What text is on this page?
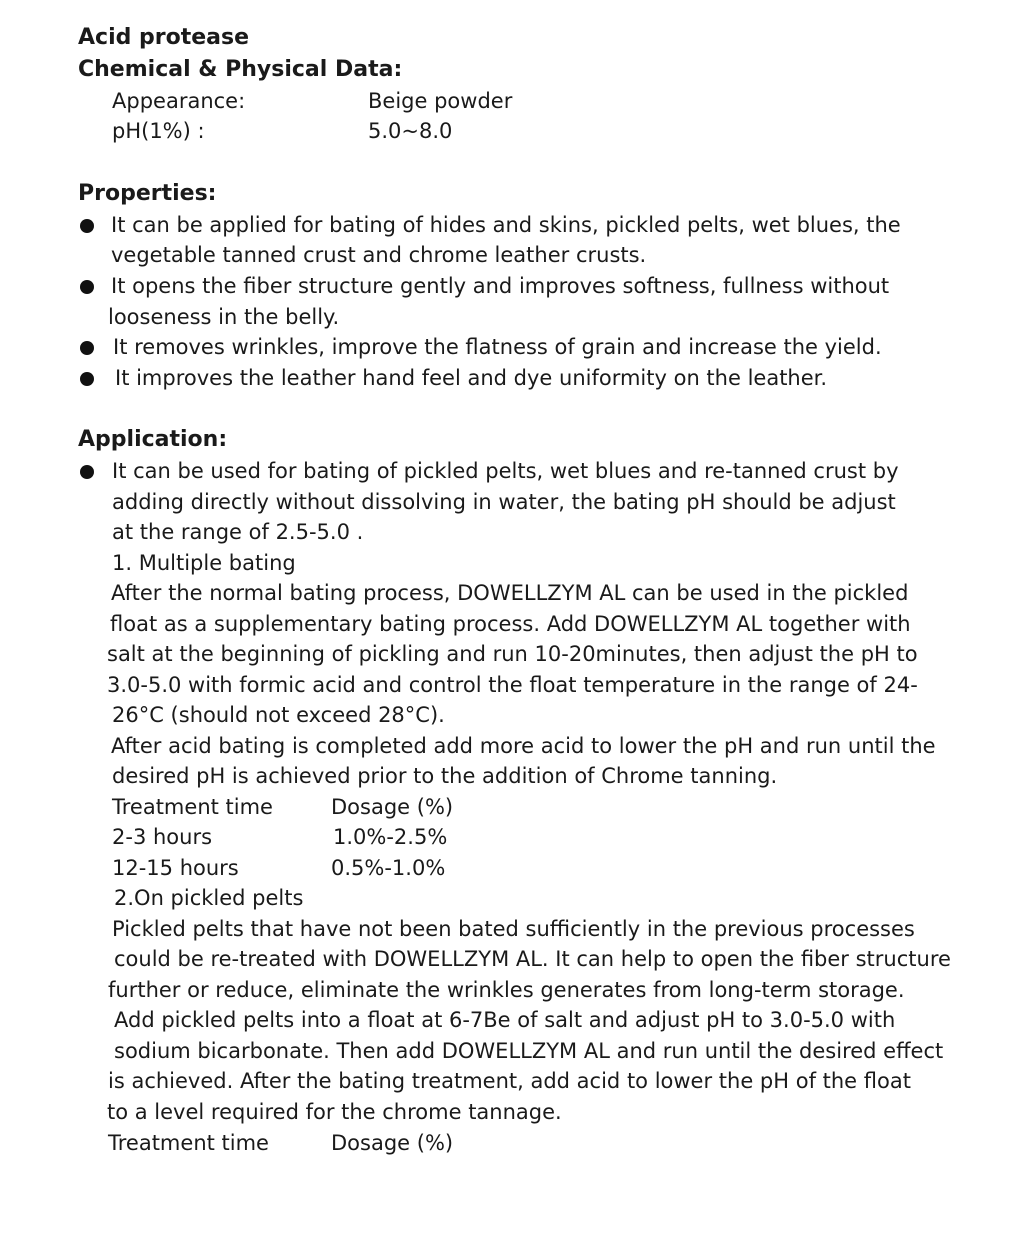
Acid protease
Chemical & Physical Data:
Appearance:	Beige powder
pH(1%) :	5.0~8.0
Properties:
It can be applied for bating of hides and skins, pickled pelts, wet blues, the
vegetable tanned crust and chrome leather crusts.
It opens the fiber structure gently and improves softness, fullness without
looseness in the belly.
It removes wrinkles, improve the flatness of grain and increase the yield.
It improves the leather hand feel and dye uniformity on the leather.
Application:
It can be used for bating of pickled pelts, wet blues and re-tanned crust by
adding directly without dissolving in water, the bating pH should be adjust
at the range of 2.5-5.0 .
1. Multiple bating
After the normal bating process, DOWELLZYM AL can be used in the pickled
float as a supplementary bating process. Add DOWELLZYM AL together with
salt at the beginning of pickling and run 10-20minutes, then adjust the pH to
3.0-5.0 with formic acid and control the float temperature in the range of 24-
26°C (should not exceed 28°C).
After acid bating is completed add more acid to lower the pH and run until the
desired pH is achieved prior to the addition of Chrome tanning.
Treatment time	Dosage (%)
2-3 hours	1.0%-2.5%
12-15 hours	0.5%-1.0%
2.On pickled pelts
Pickled pelts that have not been bated sufficiently in the previous processes
could be re-treated with DOWELLZYM AL. It can help to open the fiber structure
further or reduce, eliminate the wrinkles generates from long-term storage.
Add pickled pelts into a float at 6-7Be of salt and adjust pH to 3.0-5.0 with
sodium bicarbonate. Then add DOWELLZYM AL and run until the desired effect
is achieved. After the bating treatment, add acid to lower the pH of the float
to a level required for the chrome tannage.
Treatment time	Dosage (%)
